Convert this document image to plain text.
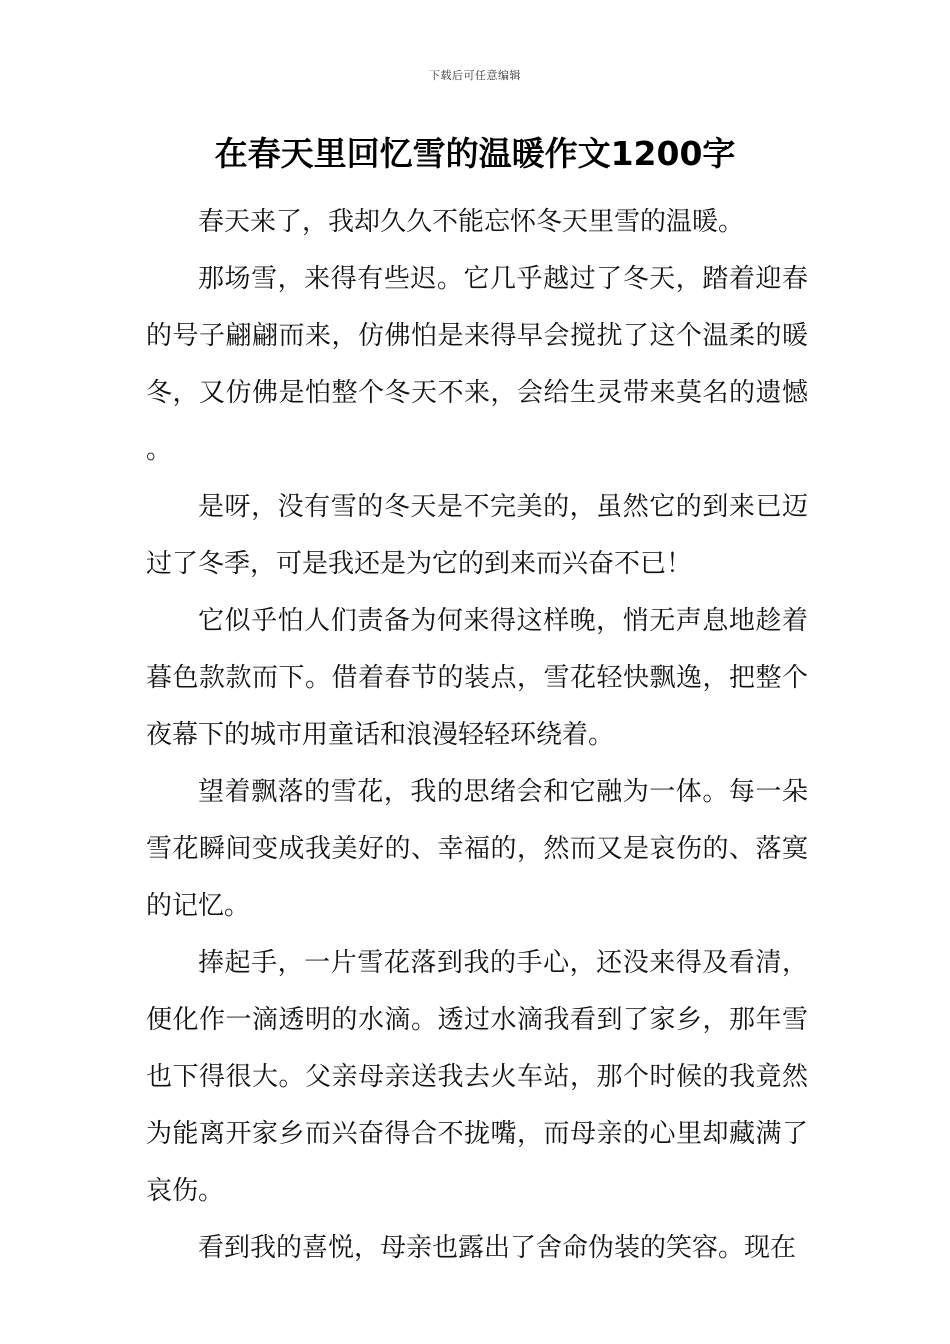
下载后可任意编辑
在春天里回忆雪的温暖作文1200字

春天来了，我却久久不能忘怀冬天里雪的温暖。

那场雪，来得有些迟。它几乎越过了冬天，踏着迎春的号子翩翩而来，仿佛怕是来得早会搅扰了这个温柔的暖冬，又仿佛是怕整个冬天不来，会给生灵带来莫名的遗憾。

是呀，没有雪的冬天是不完美的，虽然它的到来已迈过了冬季，可是我还是为它的到来而兴奋不已！

它似乎怕人们责备为何来得这样晚，悄无声息地趁着暮色款款而下。借着春节的装点，雪花轻快飘逸，把整个夜幕下的城市用童话和浪漫轻轻环绕着。

望着飘落的雪花，我的思绪会和它融为一体。每一朵雪花瞬间变成我美好的、幸福的，然而又是哀伤的、落寞的记忆。

捧起手，一片雪花落到我的手心，还没来得及看清，便化作一滴透明的水滴。透过水滴我看到了家乡，那年雪也下得很大。父亲母亲送我去火车站，那个时候的我竟然为能离开家乡而兴奋得合不拢嘴，而母亲的心里却藏满了哀伤。

看到我的喜悦，母亲也露出了舍命伪装的笑容。现在
